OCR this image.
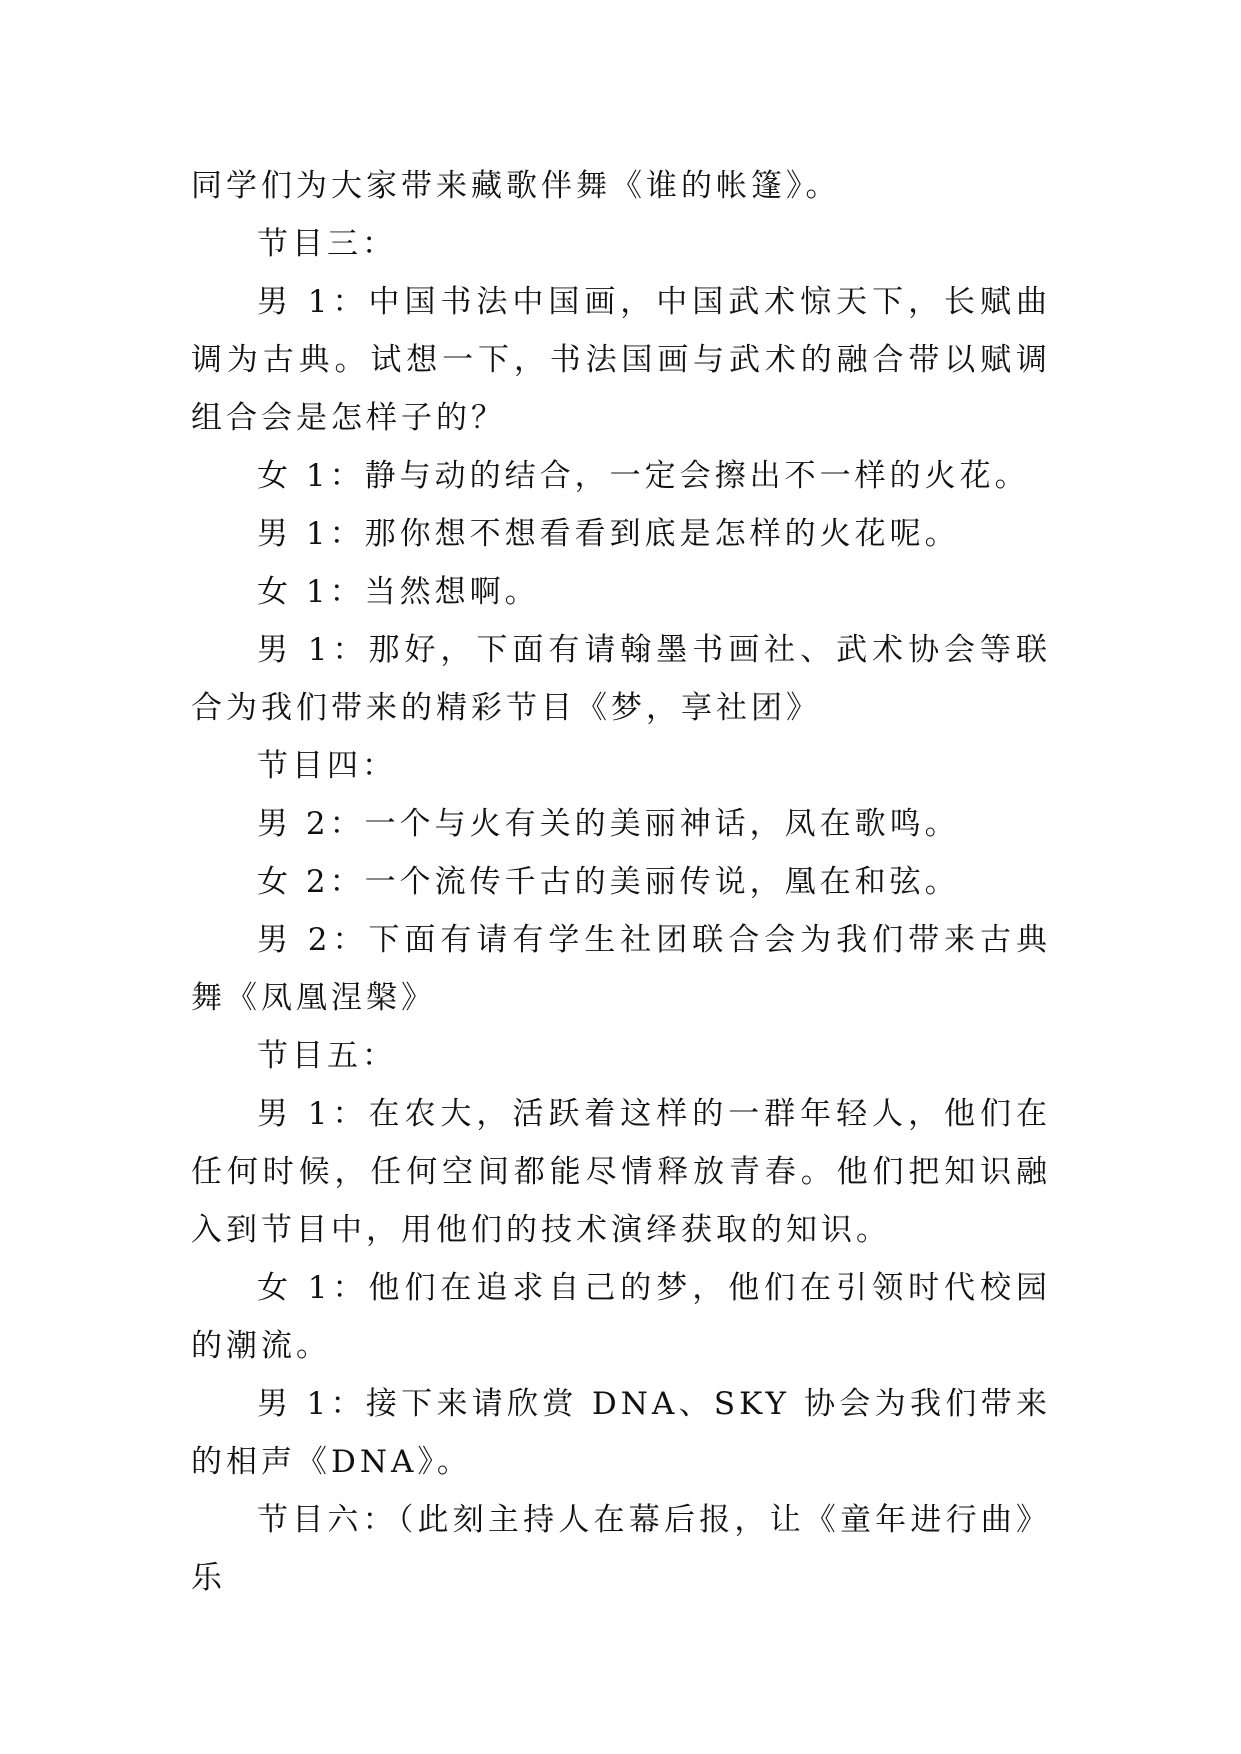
同学们为大家带来藏歌伴舞《谁的帐篷》。

节目三：

男 1：中国书法中国画，中国武术惊天下，长赋曲调为古典。试想一下，书法国画与武术的融合带以赋调组合会是怎样子的？

女 1：静与动的结合，一定会擦出不一样的火花。

男 1：那你想不想看看到底是怎样的火花呢。

女 1：当然想啊。

男 1：那好，下面有请翰墨书画社、武术协会等联合为我们带来的精彩节目《梦，享社团》

节目四：

男 2：一个与火有关的美丽神话，凤在歌鸣。

女 2：一个流传千古的美丽传说，凰在和弦。

男 2：下面有请有学生社团联合会为我们带来古典舞《凤凰涅槃》

节目五：

男 1：在农大，活跃着这样的一群年轻人，他们在任何时候，任何空间都能尽情释放青春。他们把知识融入到节目中，用他们的技术演绎获取的知识。

女 1：他们在追求自己的梦，他们在引领时代校园的潮流。

男 1：接下来请欣赏 DNA、SKY 协会为我们带来的相声《DNA》。

节目六：（此刻主持人在幕后报，让《童年进行曲》乐
